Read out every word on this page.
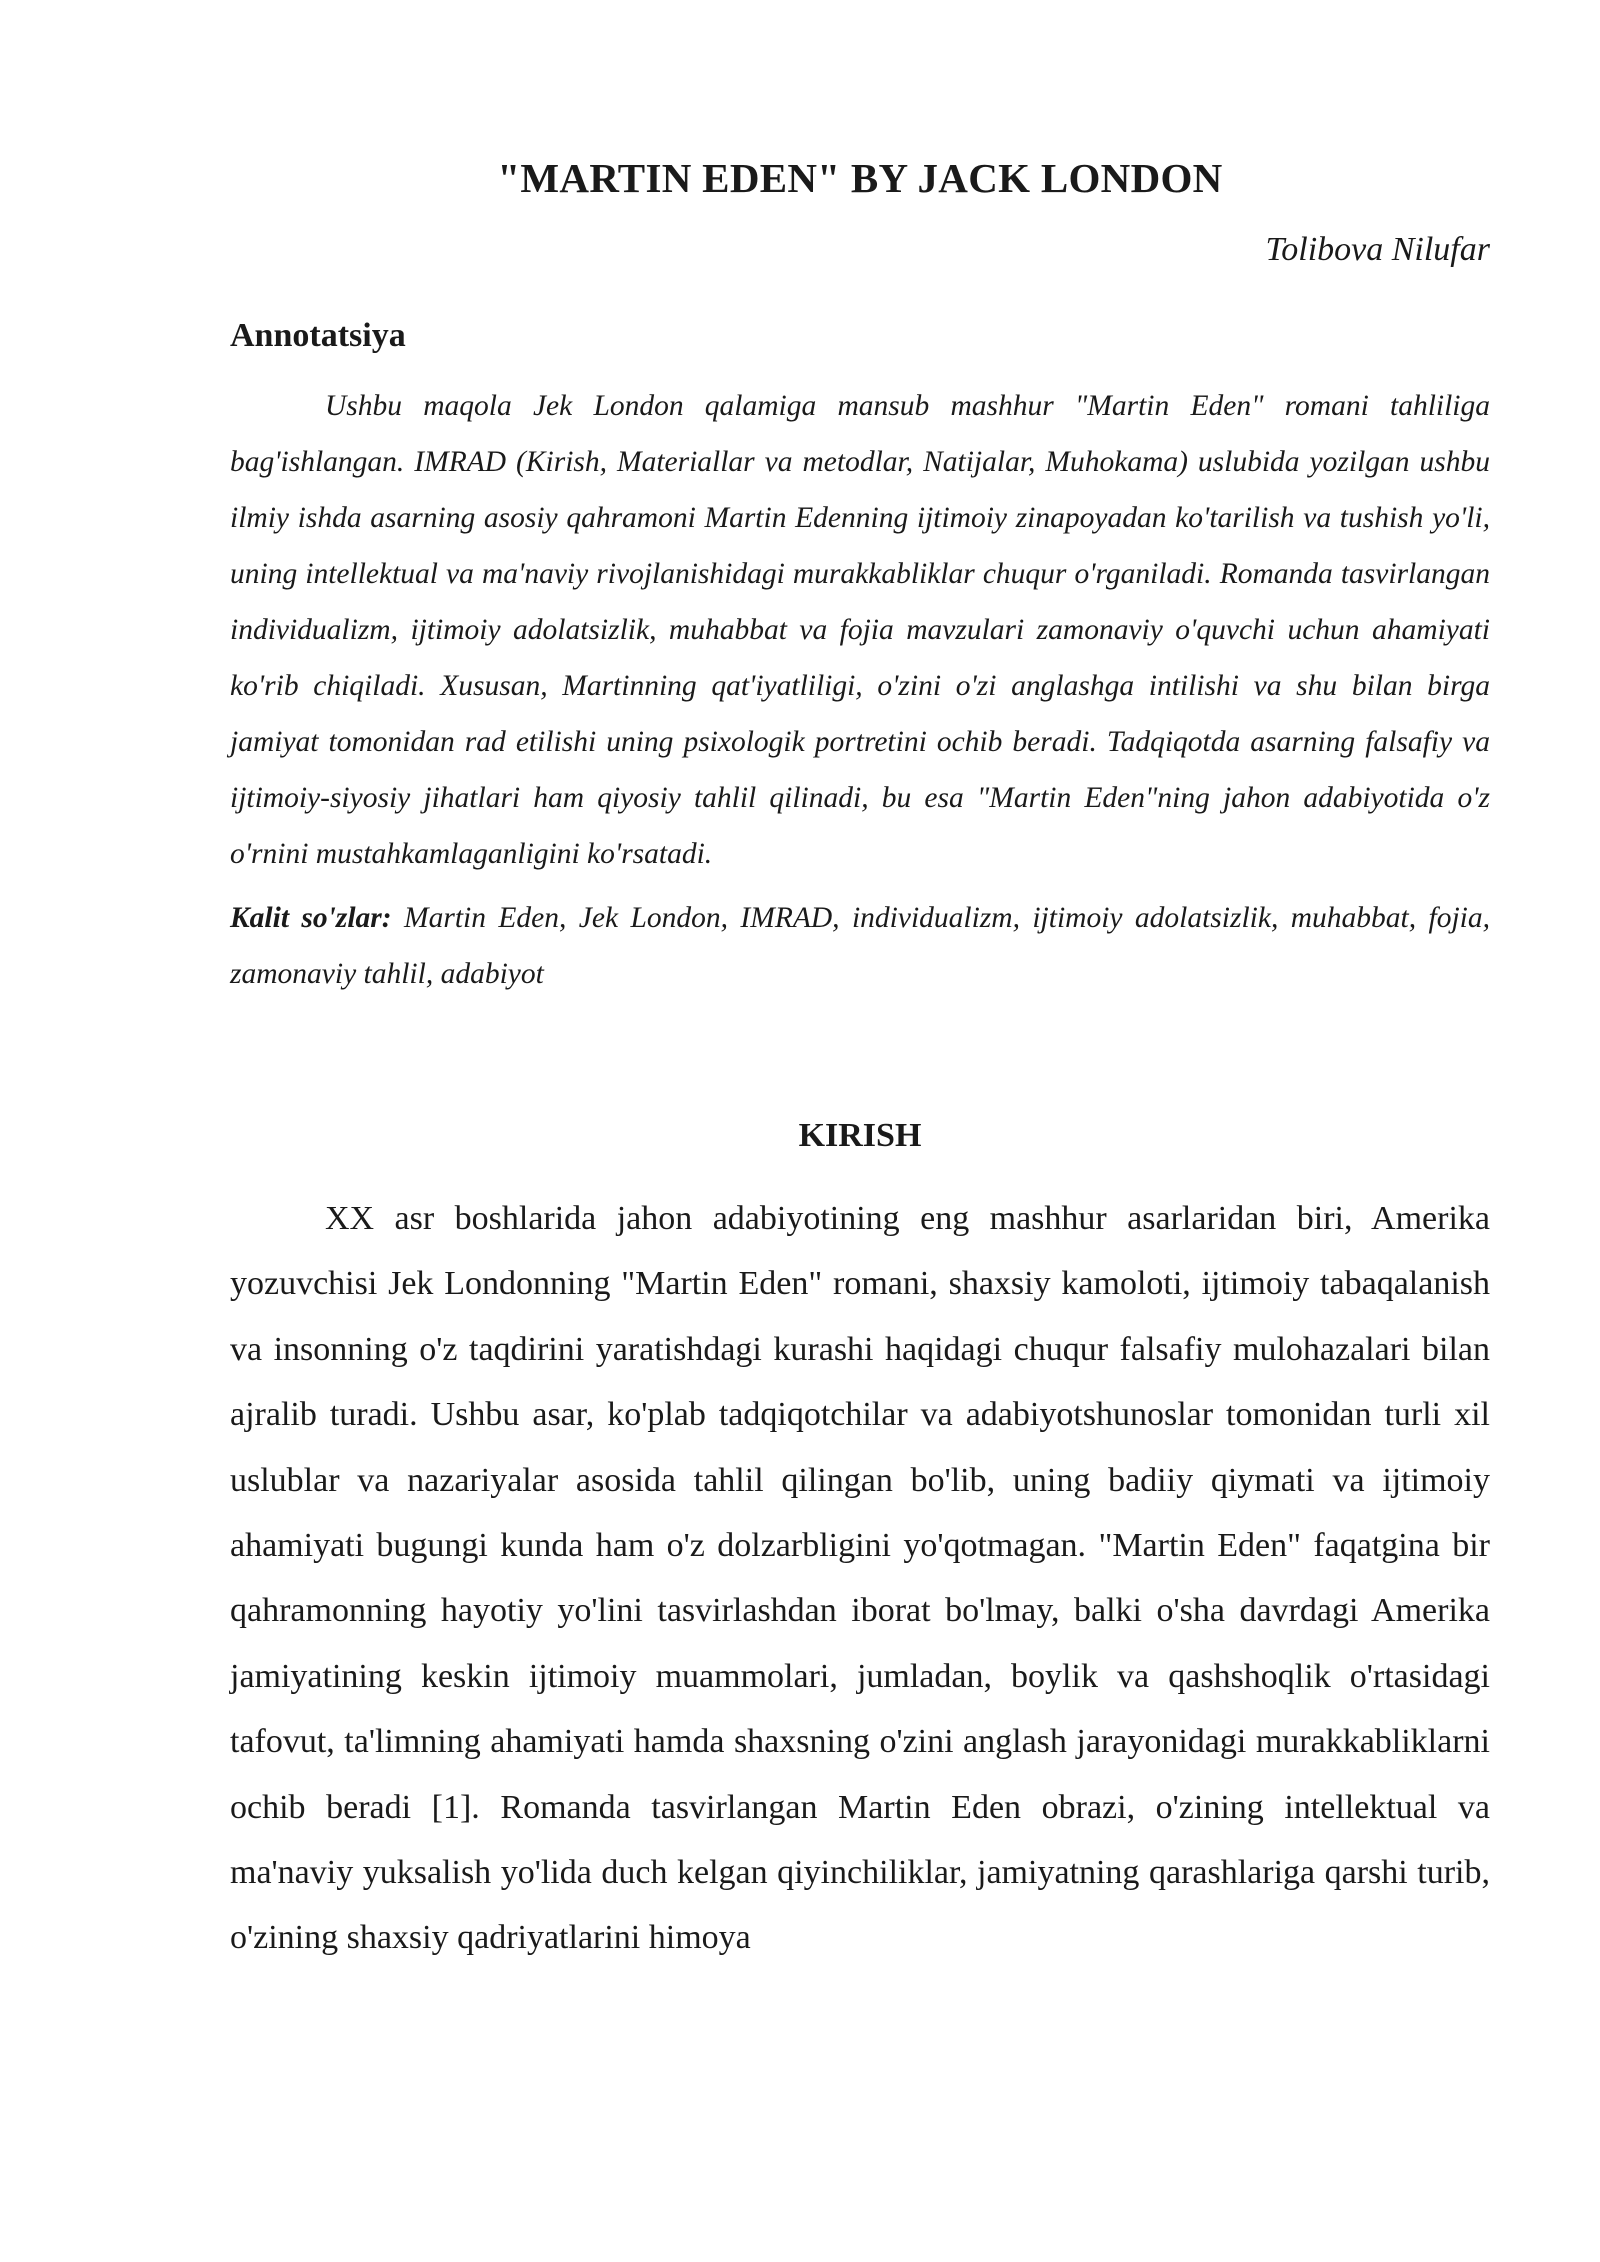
"MARTIN EDEN" BY JACK LONDON

Tolibova Nilufar

Annotatsiya

Ushbu maqola Jek London qalamiga mansub mashhur "Martin Eden" romani tahliliga bag'ishlangan. IMRAD (Kirish, Materiallar va metodlar, Natijalar, Muhokama) uslubida yozilgan ushbu ilmiy ishda asarning asosiy qahramoni Martin Edenning ijtimoiy zinapoyadan ko'tarilish va tushish yo'li, uning intellektual va ma'naviy rivojlanishidagi murakkabliklar chuqur o'rganiladi. Romanda tasvirlangan individualizm, ijtimoiy adolatsizlik, muhabbat va fojia mavzulari zamonaviy o'quvchi uchun ahamiyati ko'rib chiqiladi. Xususan, Martinning qat'iyatliligi, o'zini o'zi anglashga intilishi va shu bilan birga jamiyat tomonidan rad etilishi uning psixologik portretini ochib beradi. Tadqiqotda asarning falsafiy va ijtimoiy-siyosiy jihatlari ham qiyosiy tahlil qilinadi, bu esa "Martin Eden"ning jahon adabiyotida o'z o'rnini mustahkamlaganligini ko'rsatadi.

Kalit so'zlar: Martin Eden, Jek London, IMRAD, individualizm, ijtimoiy adolatsizlik, muhabbat, fojia, zamonaviy tahlil, adabiyot

KIRISH

XX asr boshlarida jahon adabiyotining eng mashhur asarlaridan biri, Amerika yozuvchisi Jek Londonning "Martin Eden" romani, shaxsiy kamoloti, ijtimoiy tabaqalanish va insonning o'z taqdirini yaratishdagi kurashi haqidagi chuqur falsafiy mulohazalari bilan ajralib turadi. Ushbu asar, ko'plab tadqiqotchilar va adabiyotshunoslar tomonidan turli xil uslublar va nazariyalar asosida tahlil qilingan bo'lib, uning badiiy qiymati va ijtimoiy ahamiyati bugungi kunda ham o'z dolzarbligini yo'qotmagan. "Martin Eden" faqatgina bir qahramonning hayotiy yo'lini tasvirlashdan iborat bo'lmay, balki o'sha davrdagi Amerika jamiyatining keskin ijtimoiy muammolari, jumladan, boylik va qashshoqlik o'rtasidagi tafovut, ta'limning ahamiyati hamda shaxsning o'zini anglash jarayonidagi murakkabliklarni ochib beradi [1]. Romanda tasvirlangan Martin Eden obrazi, o'zining intellektual va ma'naviy yuksalish yo'lida duch kelgan qiyinchiliklar, jamiyatning qarashlariga qarshi turib, o'zining shaxsiy qadriyatlarini himoya
